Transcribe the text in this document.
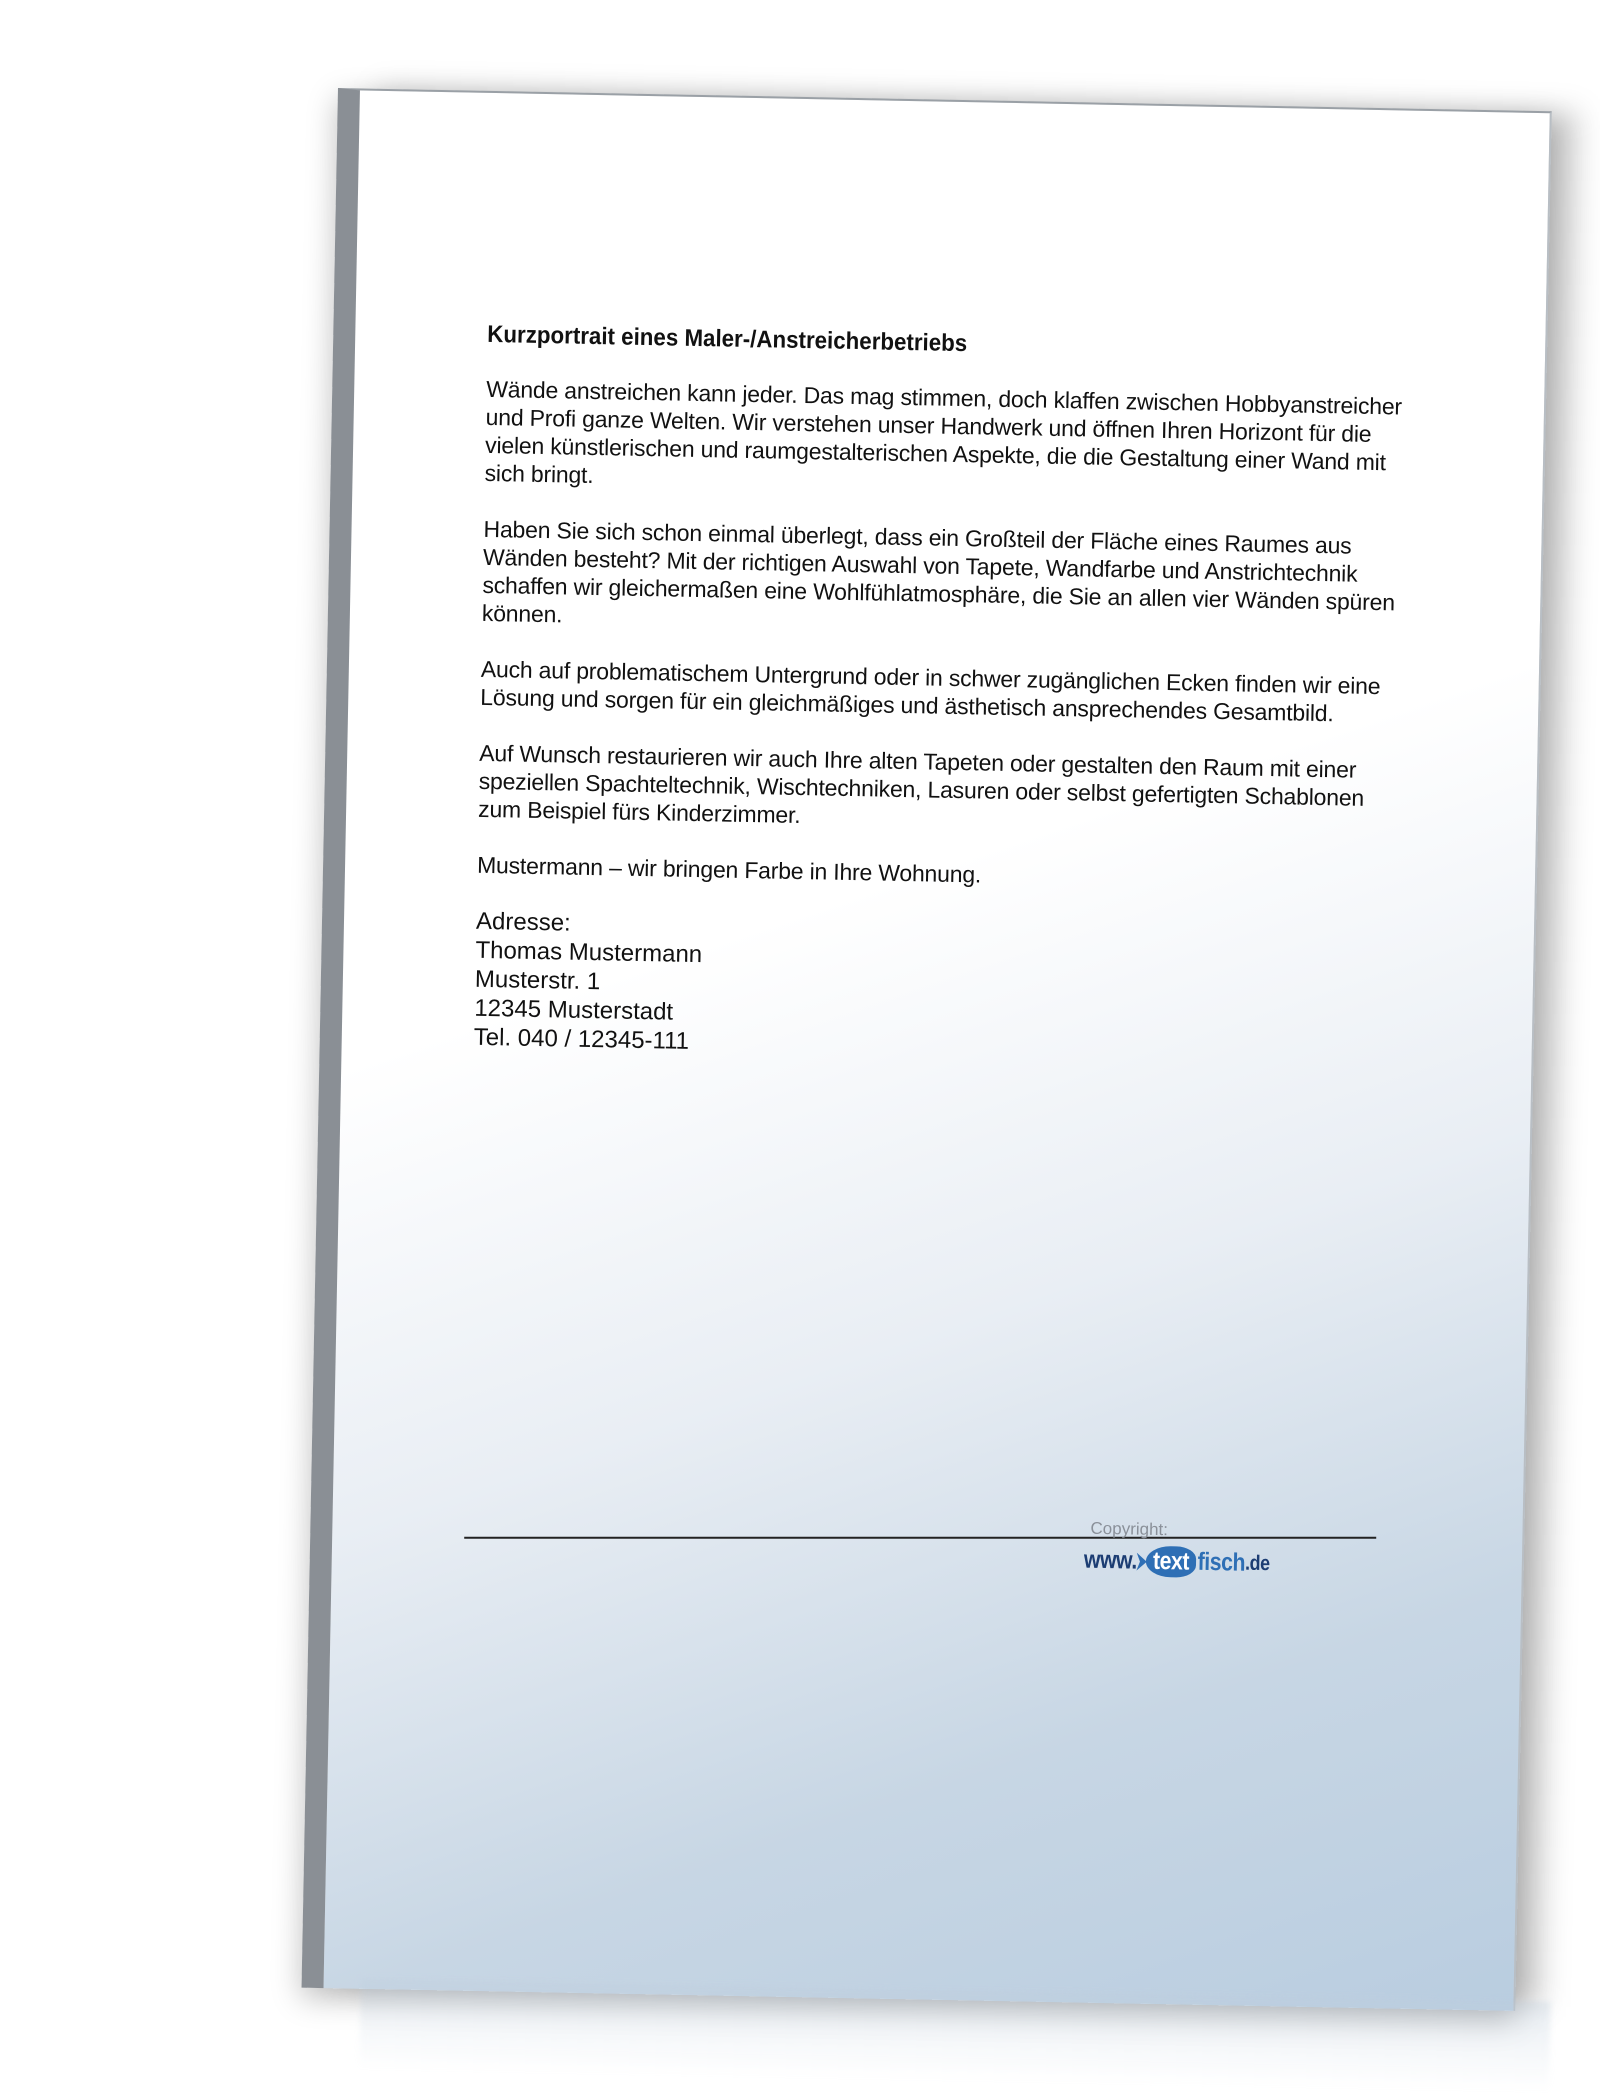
Kurzportrait eines Maler-/Anstreicherbetriebs

Wände anstreichen kann jeder. Das mag stimmen, doch klaffen zwischen Hobbyanstreicher und Profi ganze Welten. Wir verstehen unser Handwerk und öffnen Ihren Horizont für die vielen künstlerischen und raumgestalterischen Aspekte, die die Gestaltung einer Wand mit sich bringt.

Haben Sie sich schon einmal überlegt, dass ein Großteil der Fläche eines Raumes aus Wänden besteht? Mit der richtigen Auswahl von Tapete, Wandfarbe und Anstrichtechnik schaffen wir gleichermaßen eine Wohlfühlatmosphäre, die Sie an allen vier Wänden spüren können.

Auch auf problematischem Untergrund oder in schwer zugänglichen Ecken finden wir eine Lösung und sorgen für ein gleichmäßiges und ästhetisch ansprechendes Gesamtbild.

Auf Wunsch restaurieren wir auch Ihre alten Tapeten oder gestalten den Raum mit einer speziellen Spachteltechnik, Wischtechniken, Lasuren oder selbst gefertigten Schablonen zum Beispiel fürs Kinderzimmer.

Mustermann – wir bringen Farbe in Ihre Wohnung.

Adresse:
Thomas Mustermann
Musterstr. 1
12345 Musterstadt
Tel. 040 / 12345-111
Copyright:
www. text fisch .de
